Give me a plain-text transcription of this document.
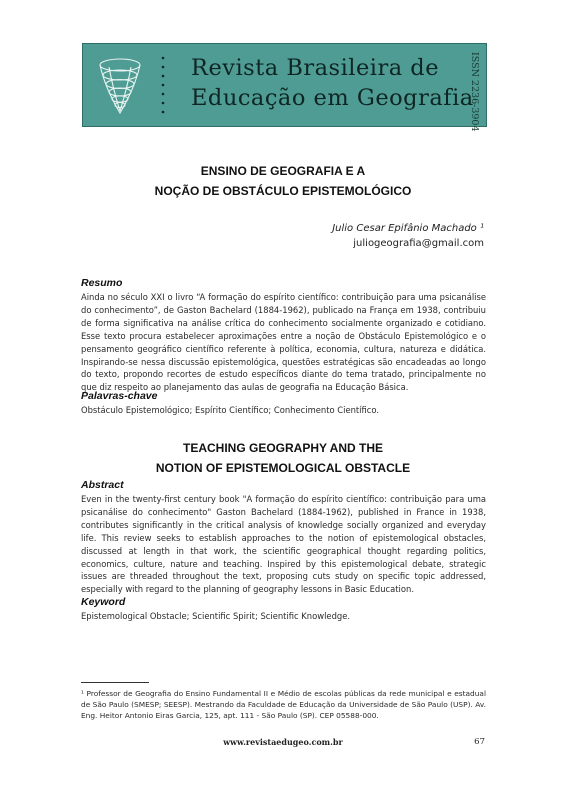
Revista Brasileira de
Educação em Geografia
ISSN 2236-3904
ENSINO DE GEOGRAFIA E A
NOÇÃO DE OBSTÁCULO EPISTEMOLÓGICO
Julio Cesar Epifânio Machado ¹
juliogeografia@gmail.com
Resumo
Ainda no século XXI o livro “A formação do espírito científico: contribuição para uma psicanálise do conhecimento”, de Gaston Bachelard (1884-1962), publicado na França em 1938, contribuiu de forma significativa na análise crítica do conhecimento socialmente organizado e cotidiano. Esse texto procura estabelecer aproximações entre a noção de Obstáculo Epistemológico e o pensamento geográfico científico referente à política, economia, cultura, natureza e didática. Inspirando-se nessa discussão epistemológica, questões estratégicas são encadeadas ao longo do texto, propondo recortes de estudo específicos diante do tema tratado, principalmente no que diz respeito ao planejamento das aulas de geografia na Educação Básica.
Palavras-chave
Obstáculo Epistemológico; Espírito Científico; Conhecimento Científico.
TEACHING GEOGRAPHY AND THE
NOTION OF EPISTEMOLOGICAL OBSTACLE
Abstract
Even in the twenty-first century book "A formação do espírito científico: contribuição para uma psicanálise do conhecimento" Gaston Bachelard (1884-1962), published in France in 1938, contributes significantly in the critical analysis of knowledge socially organized and everyday life. This review seeks to establish approaches to the notion of epistemological obstacles, discussed at length in that work, the scientific geographical thought regarding politics, economics, culture, nature and teaching. Inspired by this epistemological debate, strategic issues are threaded throughout the text, proposing cuts study on specific topic addressed, especially with regard to the planning of geography lessons in Basic Education.
Keyword
Epistemological Obstacle; Scientific Spirit; Scientific Knowledge.
¹ Professor de Geografia do Ensino Fundamental II e Médio de escolas públicas da rede municipal e estadual de São Paulo (SMESP; SEESP). Mestrando da Faculdade de Educação da Universidade de São Paulo (USP). Av. Eng. Heitor Antonio Eiras Garcia, 125, apt. 111 - São Paulo (SP). CEP 05588-000.
www.revistaedugeo.com.br	67
